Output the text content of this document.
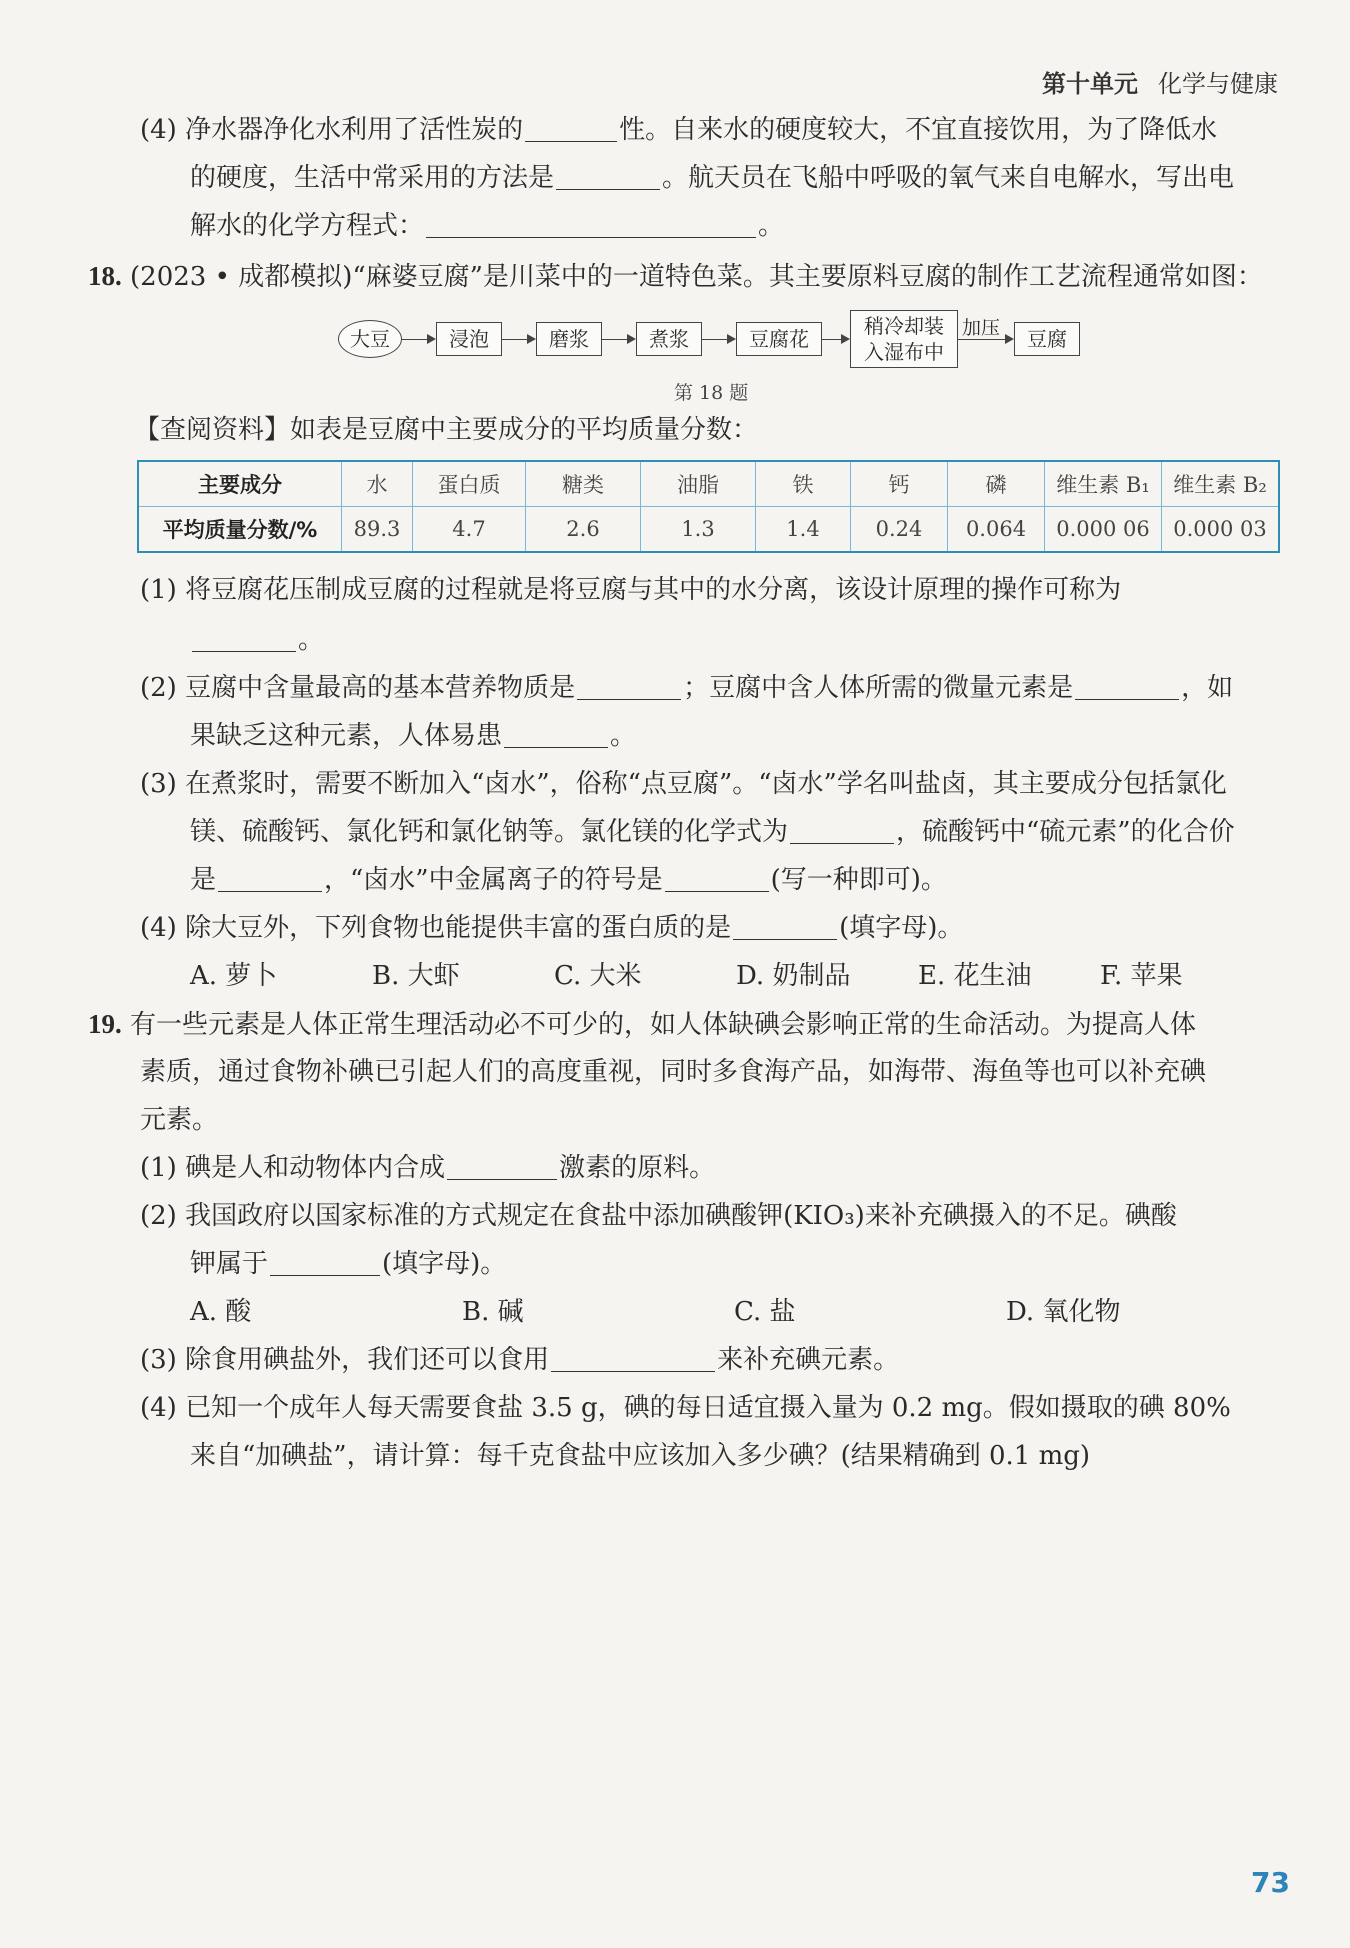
第十单元 化学与健康
(4) 净水器净化水利用了活性炭的	性。自来水的硬度较大，不宜直接饮用，为了降低水
的硬度，生活中常采用的方法是	。航天员在飞船中呼吸的氧气来自电解水，写出电
解水的化学方程式：	。
18. (2023 • 成都模拟)“麻婆豆腐”是川菜中的一道特色菜。其主要原料豆腐的制作工艺流程通常如图：
大豆	浸泡	磨浆	煮浆	豆腐花
稍冷却装
入湿布中
加压	豆腐
第 18 题
【查阅资料】如表是豆腐中主要成分的平均质量分数：
主要成分	水	蛋白质	糖类	油脂	铁	钙	磷	维生素 B₁	维生素 B₂
平均质量分数/%	89.3	4.7	2.6	1.3	1.4	0.24	0.064	0.000 06	0.000 03
(1) 将豆腐花压制成豆腐的过程就是将豆腐与其中的水分离，该设计原理的操作可称为
。
(2) 豆腐中含量最高的基本营养物质是	；豆腐中含人体所需的微量元素是	，如
果缺乏这种元素，人体易患	。
(3) 在煮浆时，需要不断加入“卤水”，俗称“点豆腐”。“卤水”学名叫盐卤，其主要成分包括氯化
镁、硫酸钙、氯化钙和氯化钠等。氯化镁的化学式为	，硫酸钙中“硫元素”的化合价
是	，“卤水”中金属离子的符号是	(写一种即可)。
(4) 除大豆外，下列食物也能提供丰富的蛋白质的是	(填字母)。
A. 萝卜	B. 大虾	C. 大米	D. 奶制品	E. 花生油	F. 苹果
19. 有一些元素是人体正常生理活动必不可少的，如人体缺碘会影响正常的生命活动。为提高人体
素质，通过食物补碘已引起人们的高度重视，同时多食海产品，如海带、海鱼等也可以补充碘
元素。
(1) 碘是人和动物体内合成	激素的原料。
(2) 我国政府以国家标准的方式规定在食盐中添加碘酸钾(KIO₃)来补充碘摄入的不足。碘酸
钾属于	(填字母)。
A. 酸	B. 碱	C. 盐	D. 氧化物
(3) 除食用碘盐外，我们还可以食用	来补充碘元素。
(4) 已知一个成年人每天需要食盐 3.5 g，碘的每日适宜摄入量为 0.2 mg。假如摄取的碘 80%
来自“加碘盐”，请计算：每千克食盐中应该加入多少碘？(结果精确到 0.1 mg)
73
